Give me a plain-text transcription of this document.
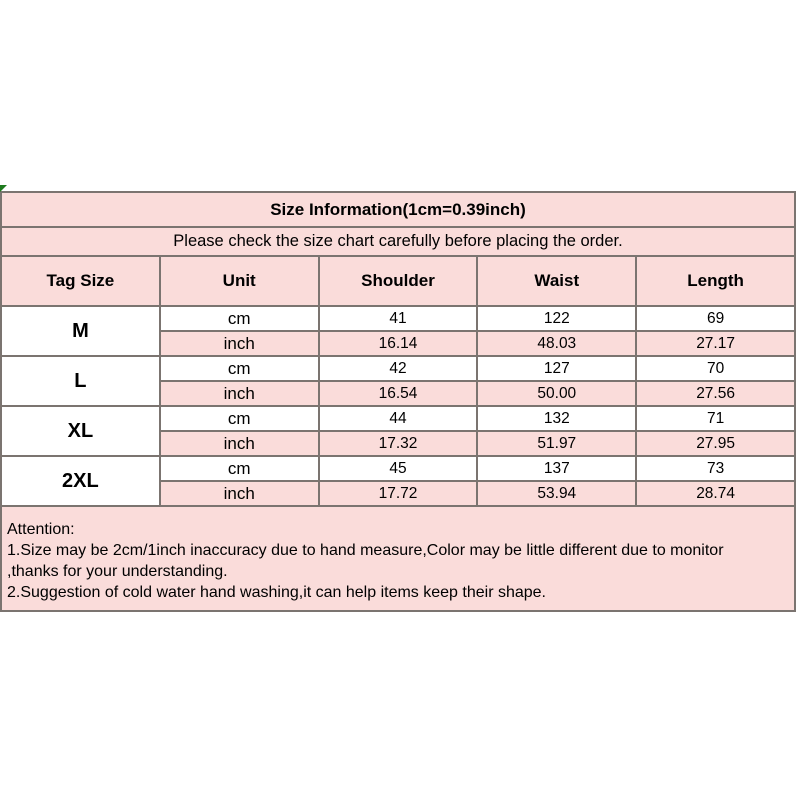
Size Information(1cm=0.39inch)				
Please check the size chart carefully before placing the order.				
Tag Size	Unit	Shoulder	Waist	Length
M	cm	41	122	69
	inch	16.14	48.03	27.17
L	cm	42	127	70
	inch	16.54	50.00	27.56
XL	cm	44	132	71
	inch	17.32	51.97	27.95
2XL	cm	45	137	73
	inch	17.72	53.94	28.74
Attention:
1.Size may be 2cm/1inch inaccuracy due to hand measure,Color may be little different due to monitor
,thanks for your understanding.
2.Suggestion of cold water hand washing,it can help items keep their shape.
